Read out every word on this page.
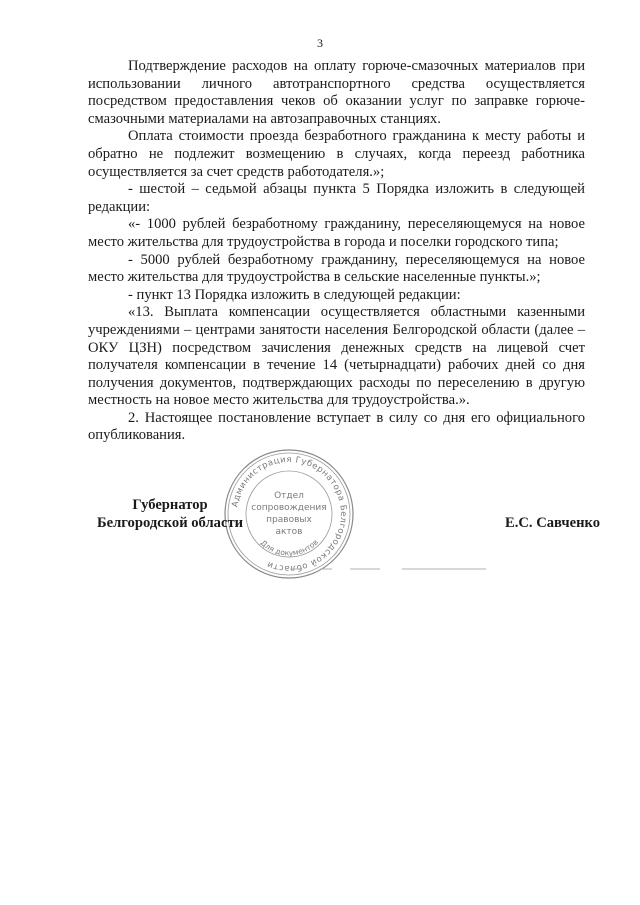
3

Подтверждение расходов на оплату горюче-смазочных материалов при использовании личного автотранспортного средства осуществляется посредством предоставления чеков об оказании услуг по заправке горюче-смазочными материалами на автозаправочных станциях.

Оплата стоимости проезда безработного гражданина к месту работы и обратно не подлежит возмещению в случаях, когда переезд работника осуществляется за счет средств работодателя.»;

- шестой – седьмой абзацы пункта 5 Порядка изложить в следующей редакции:

«- 1000 рублей безработному гражданину, переселяющемуся на новое место жительства для трудоустройства в города и поселки городского типа;

- 5000 рублей безработному гражданину, переселяющемуся на новое место жительства для трудоустройства в сельские населенные пункты.»;

- пункт 13 Порядка изложить в следующей редакции:

«13. Выплата компенсации осуществляется областными казенными учреждениями – центрами занятости населения Белгородской области (далее – ОКУ ЦЗН) посредством зачисления денежных средств на лицевой счет получателя компенсации в течение 14 (четырнадцати) рабочих дней со дня получения документов, подтверждающих расходы по переселению в другую местность на новое место жительства для трудоустройства.».

2. Настоящее постановление вступает в силу со дня его официального опубликования.

Администрация Губернатора Белгородской области
Отдел
сопровождения
правовых
актов
Для документов
Губернатор
Белгородской области	Е.С. Савченко
